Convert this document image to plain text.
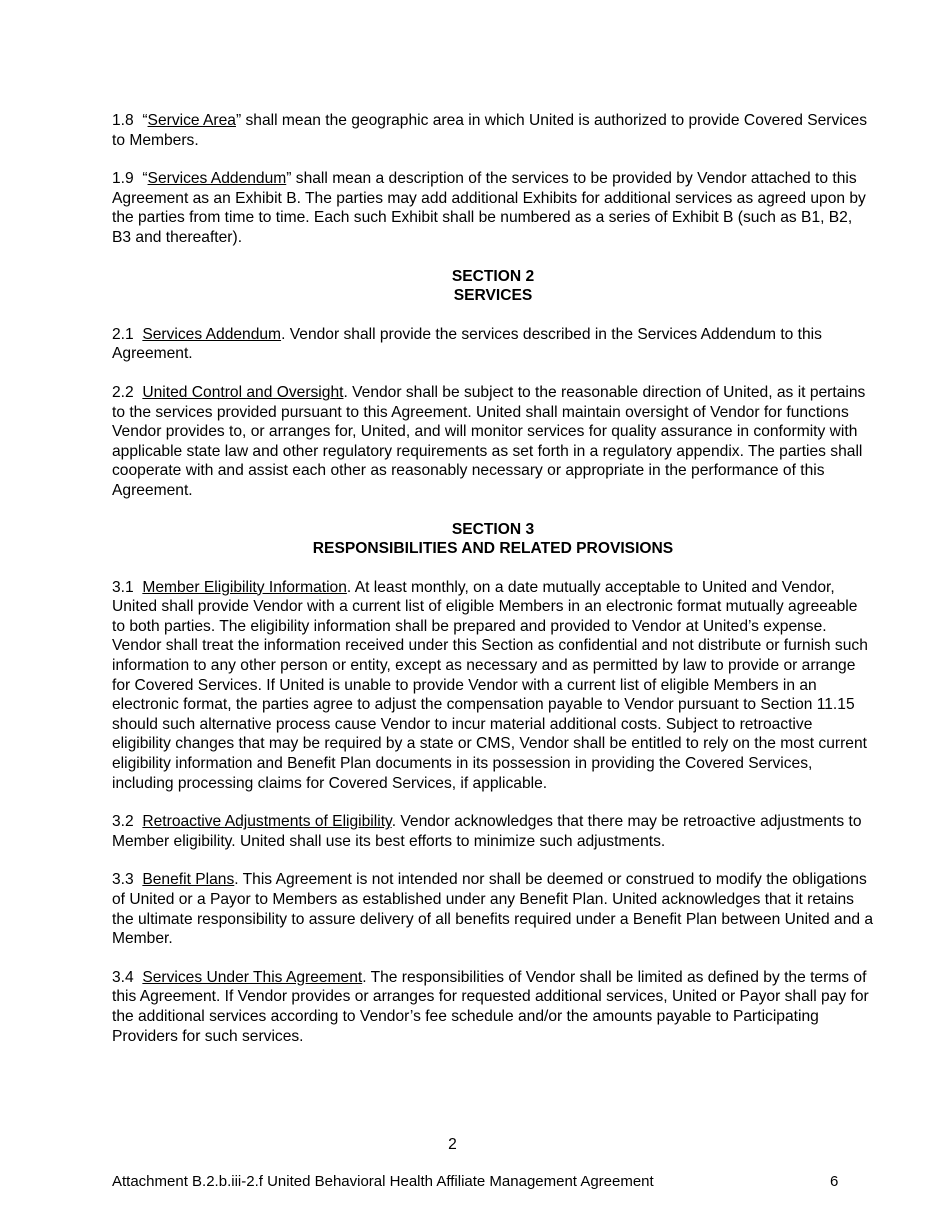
1.8  “Service Area” shall mean the geographic area in which United is authorized to provide Covered Services to Members.

1.9  “Services Addendum” shall mean a description of the services to be provided by Vendor attached to this Agreement as an Exhibit B. The parties may add additional Exhibits for additional services as agreed upon by the parties from time to time. Each such Exhibit shall be numbered as a series of Exhibit B (such as B1, B2, B3 and thereafter).

SECTION 2
SERVICES

2.1 Services Addendum. Vendor shall provide the services described in the Services Addendum to this Agreement.

2.2 United Control and Oversight. Vendor shall be subject to the reasonable direction of United, as it pertains to the services provided pursuant to this Agreement. United shall maintain oversight of Vendor for functions Vendor provides to, or arranges for, United, and will monitor services for quality assurance in conformity with applicable state law and other regulatory requirements as set forth in a regulatory appendix. The parties shall cooperate with and assist each other as reasonably necessary or appropriate in the performance of this Agreement.

SECTION 3
RESPONSIBILITIES AND RELATED PROVISIONS

3.1 Member Eligibility Information. At least monthly, on a date mutually acceptable to United and Vendor, United shall provide Vendor with a current list of eligible Members in an electronic format mutually agreeable to both parties. The eligibility information shall be prepared and provided to Vendor at United’s expense. Vendor shall treat the information received under this Section as confidential and not distribute or furnish such information to any other person or entity, except as necessary and as permitted by law to provide or arrange for Covered Services. If United is unable to provide Vendor with a current list of eligible Members in an electronic format, the parties agree to adjust the compensation payable to Vendor pursuant to Section 11.15 should such alternative process cause Vendor to incur material additional costs. Subject to retroactive eligibility changes that may be required by a state or CMS, Vendor shall be entitled to rely on the most current eligibility information and Benefit Plan documents in its possession in providing the Covered Services, including processing claims for Covered Services, if applicable.

3.2 Retroactive Adjustments of Eligibility. Vendor acknowledges that there may be retroactive adjustments to Member eligibility. United shall use its best efforts to minimize such adjustments.

3.3 Benefit Plans. This Agreement is not intended nor shall be deemed or construed to modify the obligations of United or a Payor to Members as established under any Benefit Plan. United acknowledges that it retains the ultimate responsibility to assure delivery of all benefits required under a Benefit Plan between United and a Member.

3.4 Services Under This Agreement. The responsibilities of Vendor shall be limited as defined by the terms of this Agreement. If Vendor provides or arranges for requested additional services, United or Payor shall pay for the additional services according to Vendor’s fee schedule and/or the amounts payable to Participating Providers for such services.

2
Attachment B.2.b.iii-2.f United Behavioral Health Affiliate Management Agreement	6
